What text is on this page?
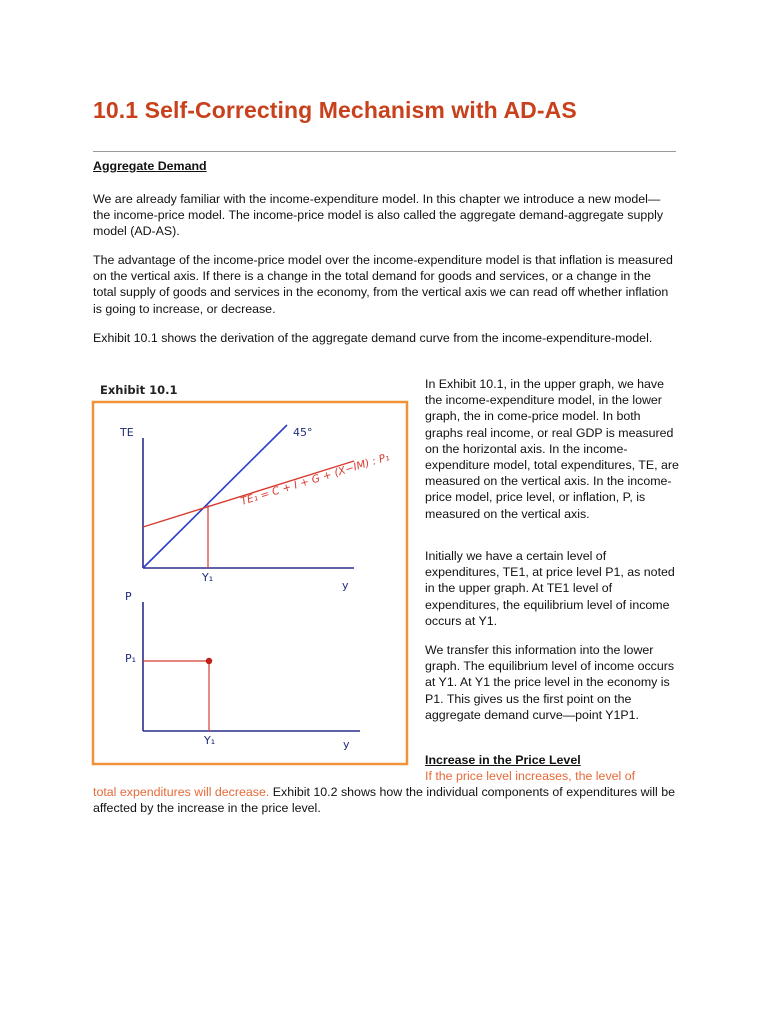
10.1 Self-Correcting Mechanism with AD-AS

Aggregate Demand

We are already familiar with the income-expenditure model. In this chapter we introduce a new model—the income-price model. The income-price model is also called the aggregate demand-aggregate supply model (AD-AS).

The advantage of the income-price model over the income-expenditure model is that inflation is measured on the vertical axis. If there is a change in the total demand for goods and services, or a change in the total supply of goods and services in the economy, from the vertical axis we can read off whether inflation is going to increase, or decrease.

Exhibit 10.1 shows the derivation of the aggregate demand curve from the income-expenditure-model.

TE	45°
TE₁ = C + I + G + (X−IM) : P₁
Y₁
y
P
P₁
Y₁	y
Exhibit 10.1	In Exhibit 10.1, in the upper graph, we have the income-expenditure model, in the lower graph, the in come-price model. In both graphs real income, or real GDP is measured on the horizontal axis. In the income-expenditure model, total expenditures, TE, are measured on the vertical axis. In the income-price model, price level, or inflation, P, is measured on the vertical axis.

Initially we have a certain level of expenditures, TE1, at price level P1, as noted in the upper graph. At TE1 level of expenditures, the equilibrium level of income occurs at Y1.

We transfer this information into the lower graph. The equilibrium level of income occurs at Y1. At Y1 the price level in the economy is P1. This gives us the first point on the aggregate demand curve—point Y1P1.

Increase in the Price Level

If the price level increases, the level of

total expenditures will decrease. Exhibit 10.2 shows how the individual components of expenditures will be affected by the increase in the price level.
